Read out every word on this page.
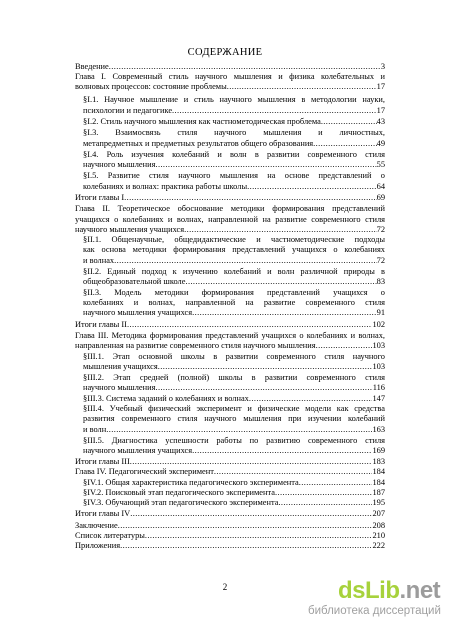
СОДЕРЖАНИЕ
Введение .....	3
Глава I. Современный стиль научного мышления и физика колебательных и
волновых процессов: состояние проблемы .....	17
§I.1. Научное мышление и стиль научного мышления в методологии науки,
психологии и педагогике .....	17
§I.2. Стиль научного мышления как частнометодическая проблема .....	43
§I.3. Взаимосвязь стиля научного мышления и личностных,
метапредметных и предметных результатов общего образования .....	49
§I.4. Роль изучения колебаний и волн в развитии современного стиля
научного мышления .....	55
§I.5. Развитие стиля научного мышления на основе представлений о
колебаниях и волнах: практика работы школы .....	64
Итоги главы I .....	69
Глава II. Теоретическое обоснование методики формирования представлений
учащихся о колебаниях и волнах, направленной на развитие современного стиля
научного мышления учащихся .....	72
§II.1. Общенаучные, общедидактические и частнометодические подходы
как основа методики формирования представлений учащихся о колебаниях
и волнах .....	72
§II.2. Единый подход к изучению колебаний и волн различной природы в
общеобразовательной школе .....	83
§II.3. Модель методики формирования представлений учащихся о
колебаниях и волнах, направленной на развитие современного стиля
научного мышления учащихся .....	91
Итоги главы II .....	102
Глава III. Методика формирования представлений учащихся о колебаниях и волнах,
направленная на развитие современного стиля научного мышления .....	103
§III.1. Этап основной школы в развитии современного стиля научного
мышления учащихся .....	103
§III.2. Этап средней (полной) школы в развитии современного стиля
научного мышления .....	116
§III.3. Система заданий о колебаниях и волнах .....	147
§III.4. Учебный физический эксперимент и физические модели как средства
развития современного стиля научного мышления при изучении колебаний
и волн .....	163
§III.5. Диагностика успешности работы по развитию современного стиля
научного мышления учащихся .....	169
Итоги главы III .....	183
Глава IV. Педагогический эксперимент .....	184
§IV.1. Общая характеристика педагогического эксперимента .....	184
§IV.2. Поисковый этап педагогического эксперимента .....	187
§IV.3. Обучающий этап педагогического эксперимента .....	195
Итоги главы IV .....	207
Заключение .....	208
Список литературы .....	210
Приложения .....	222
2	dsLib.net
библиотека диссертаций
